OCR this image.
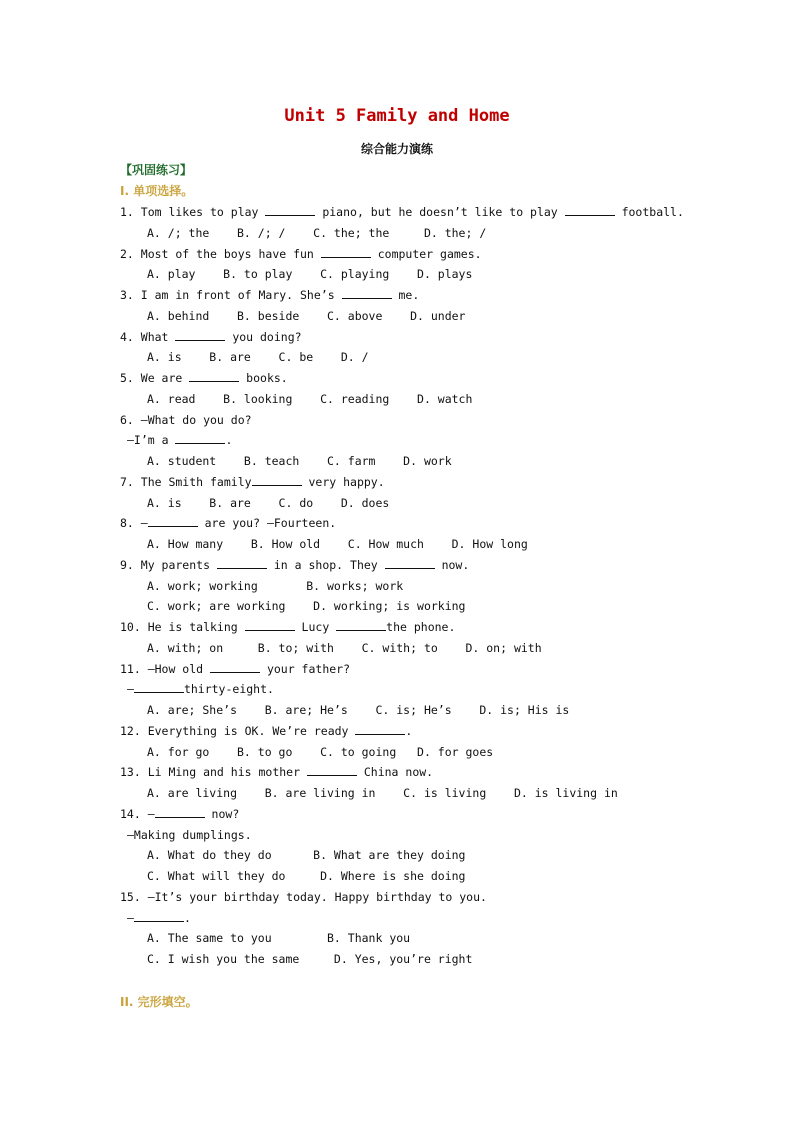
Unit 5 Family and Home
综合能力演练
【巩固练习】
I. 单项选择。
1. Tom likes to play	piano, but he doesn’t like to play	football.
A. /; the    B. /; /    C. the; the     D. the; /
2. Most of the boys have fun	computer games.
A. play    B. to play    C. playing    D. plays
3. I am in front of Mary. She’s	me.
A. behind    B. beside    C. above    D. under
4. What	you doing?
A. is    B. are    C. be    D. /
5. We are	books.
A. read    B. looking    C. reading    D. watch
6. —What do you do?
—I’m a	.
A. student    B. teach    C. farm    D. work
7. The Smith family	very happy.
A. is    B. are    C. do    D. does
8. —	are you? —Fourteen.
A. How many    B. How old    C. How much    D. How long
9. My parents	in a shop. They	now.
A. work; working       B. works; work
C. work; are working    D. working; is working
10. He is talking	Lucy	the phone.
A. with; on     B. to; with    C. with; to    D. on; with
11. —How old	your father?
—	thirty-eight.
A. are; She’s    B. are; He’s    C. is; He’s    D. is; His is
12. Everything is OK. We’re ready	.
A. for go    B. to go    C. to going   D. for goes
13. Li Ming and his mother	China now.
A. are living    B. are living in    C. is living    D. is living in
14. —	now?
—Making dumplings.
A. What do they do      B. What are they doing
C. What will they do     D. Where is she doing
15. —It’s your birthday today. Happy birthday to you.
—	.
A. The same to you        B. Thank you
C. I wish you the same     D. Yes, you’re right
II. 完形填空。
